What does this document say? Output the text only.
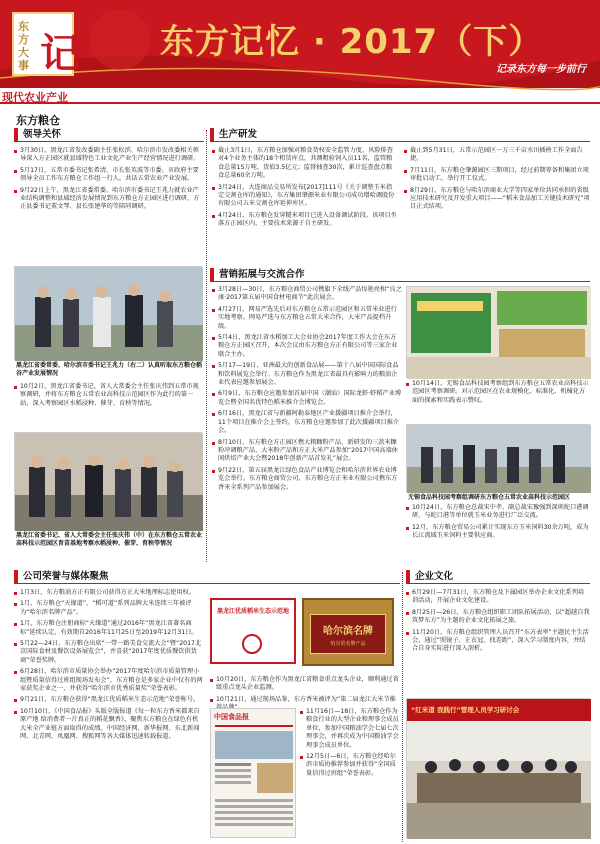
东方大事 记 东方记忆 · 2017（下）
记录东方每一步前行
现代农业产业
东方粮仓
领导关怀	生产研发
营销拓展与交流合作
公司荣誉与媒体聚焦	企业文化

3月30日，黑龙江省发改委副主任张松滨、哈尔滨市发改委相关领导深入方正园区就县域特色工业文化产业生产经营情况进行调研。

5月17日，五常市委书记张希清、市长张英波等市委、市政府主要领导全员工作东方粮仓工作组一行人，共话五常农业产业发展。

9月22日上午，黑龙江省委常委、哈尔滨市委书记王兆力就农业产业结构调整和县域经济发展情况到东方粮仓方正园区进行调研，方正县委书记董文琴、县长张建华的等陪同调研。

黑龙江省委常委、哈尔滨市委书记王兆力（右二）认真听取东方粮仓稻谷产业发展情况

10月2日，黑龙江省委书记、省人大常委会主任张庆伟到五常市视察调研，并将东方粮仓五常农业高科技示范园区作为此行的第一站，深入考察园区水稻浸种、催芽、育秧等情况。

黑龙江省委书记、省人大常委会主任张庆伟（中）在东方粮仓五常农业高科技示范园区育苗基地考察水稻浸种、催芽、育秧等情况

截止3月1日，东方粮仓加强对粮食货权安全监管力度，风险排查对4个业务主体的18个租赁库点，共测粗验饲入员11名，监管粮食总量15万吨、货值3.5亿元；监督抽查30次，累计巡查盘点粮食总量60余万吨。

3月24日，大连商品交易所发布[2017]111号《关于调整玉米指定交割仓库的通知》，东方集团肇源米业有限公司成功增哈调股份有限公司五米交割仓库延伸库区。

4月24日，东方粮仓发穿糙米项目已进入设备调试阶段。该项目坐落方正园区内，主要技术来源于自主研发。

截止到5月31日，五常示范园区一万三千亩水田插秧工作全面告捷。

7月11日，东方粮仓肇源园区三期项目，经过前期筹备和集团立项审批启动工，举行开工仪式。

8月29日，东方粮仓与哈尔滨商业大学等四家单位共同承担的省级应用技术研究及开发重大项目——“稻米食品加工关键技术研究”项目正式结项。

3月28日—30日，东方粮仓商贸公司携旗下全线产品惊艳亮相“良之康·2017第五届中国食材电商节”此次展会。

4月27日，网易严选先后对东方粮仓五常示范园区和五常米业进行实地考察。网易严选与东方粮仓五常大米合作，大米产品提档升级。

5月4日，黑龙江省水稻加工大会业协会2017年度工作大会在东方粮仓方正园区召开，本次会议由东方粮仓方正有限公司等三家企业联合主办。

5月17—19日，亚洲最大的创新食品展——第十八届中国国际食品和饮料展览会举行。东方粮仓作为黑龙江省最具有影响力的粮油企业代表应邀参加展会。

6月9日，东方粮仓应邀参加首届中国（潮汕）国际龙虾·虾稻产业博览会暨全国名优特色稻米推介会博览会。

6月16日，黑龙江省与新疆阿勒泰地区产业援疆项目推介会举行，11个项目在推介会上签约。东方粮仓应邀参加了此次援疆项目推介会。

8月10日，东方粮仓方正园区携大粮糠粉产品、新研发的三款米糠粉冲调粮产品、大米粉产品和方正大米产品参加“2017中国高端休闲烘焙产业大会暨2018年创新产品首发礼”展会。

9月22日，第五届黑龙江绿色食品产业博览会和哈尔滨世界农业博览会举行。东方粮仓商贸公司、东方粮仓方正米业有限公司携东方香米全系列产品参加展会。

10月14日，无锡食品科技园考察组到东方粮仓五常农业高科技示范园区考察调研。对示范园区在农业规模化、标准化、机械化方面的探索和实践表示赞叹。

无锡食品科技园考察组调研东方粮仓五常农业高科技示范园区

10月24日，东方粮仓总裁宋中孝、副总裁宋豫强到深圳蛇口港调研，与蛇口港等单位就玉米业务进行广泛交流。

12月，东方粮仓贸易公司累计实现东方玉米饲料30余万吨，成为长江流域玉米饲料主要供应商。

1月3日，东方粮油方正有限公司获得方正大米地理标志使用权。

1月，东方粮仓“天缘道”、“稻可道”系列品牌大米连续三年被评为“哈尔滨名牌产品”。

1月，东方粮仓注册商标“天缘道”通过2016年“黑龙江省著名商标”延续认定，有效期自2016年11月25日至2019年12月31日。

5月22—24日，东方粮仓出席“一带一路美食交流大会”暨“2017北京国际食材及餐饮设备展览会”，并喜获“2017年度优质餐饮供货商”荣誉奖牌。

6月28日，哈尔滨市质量协会举办“2017年度哈尔滨市质量管理小组暨质量信得过班组现场发布会”，东方粮仓是多家企业中仅有的两家获奖企业之一，并获得“哈尔滨市优秀质量奖”荣誉表彰。

9月21日，东方粮仓获得“黑龙江优质稻米生态示范地”荣誉称号。

10月10日，《中国食品报》头版全版报道《每一粒东方香米都来自原产地 给消费者一片真正的稻花飘香》，聚焦东方粮仓在绿色有机大米全产业链方面取得的成绩。中国经济网、新华报网、东北新闻网、北青网、凤凰网、搜狐网等各大媒体迅速转载报道。

黑龙江优质稻米生态示范地
哈尔滨名牌
哈尔滨名牌产品

10月20日，东方粮仓作为黑龙江省粮食重点龙头企业，顺利通过省级重点龙头企业监测。

10月21日，通过现场品鉴，东方香米被评为“第二届龙江大米节推

中国食品报

11月16日—18日，东方粮仓作为粮食行业的大型企业和理事会成员单位，参加中国粮油学会七届七次理事会，并再次成为中国粮油学会理事会成员单位。

12月5日—6日，东方粮仓经哈尔滨市质协推荐参加并获得“全国质量信得过班组”荣誉表彰。

6月29日—7月31日，东方粮仓及下属园区举办企业文化系列培训活动，开展企业文化建设。

8月25日—26日，东方粮仓组织职工团队拓展活动，以“超越自我 筑梦东方”为主题的企业文化拓展之旅。

11月20日，东方粮仓组织管理人员召开“东方表率”主题民主生活会，通过“照镜子、正衣冠、找差距”，深入学习制度内容，并结合自身实际进行深入剖析。

“红米道 我践行”管理人员学习研讨会
